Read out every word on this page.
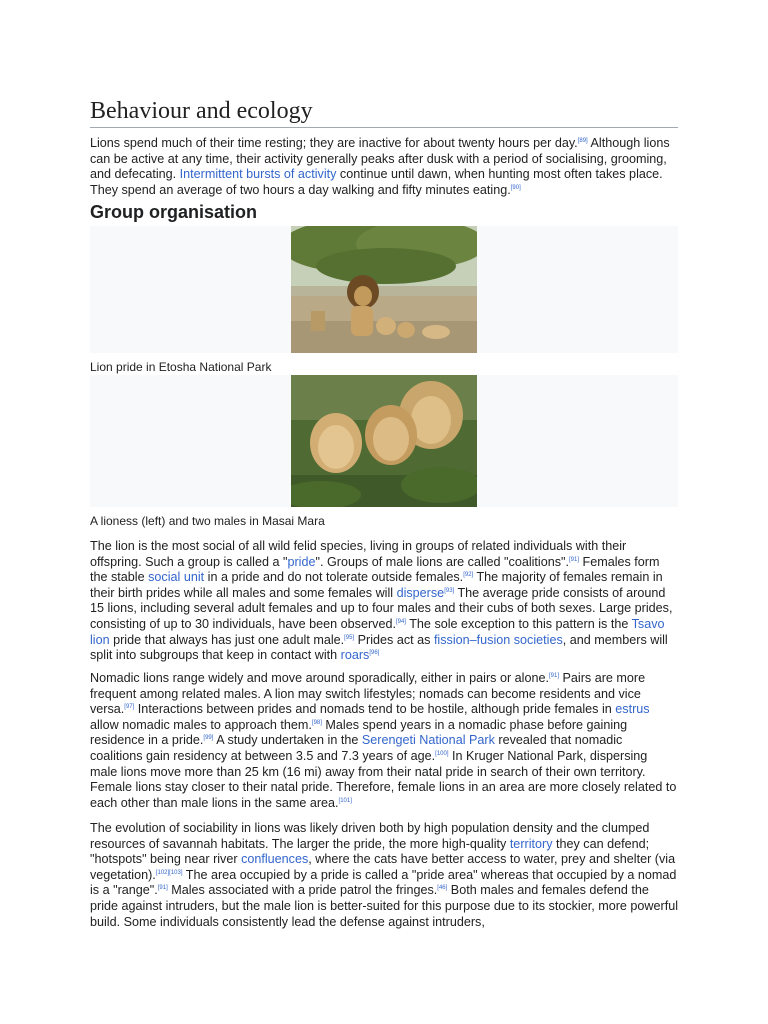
Behaviour and ecology

Lions spend much of their time resting; they are inactive for about twenty hours per day.[89] Although lions can be active at any time, their activity generally peaks after dusk with a period of socialising, grooming, and defecating. Intermittent bursts of activity continue until dawn, when hunting most often takes place. They spend an average of two hours a day walking and fifty minutes eating.[90]

Group organisation
Lion pride in Etosha National Park
A lioness (left) and two males in Masai Mara

The lion is the most social of all wild felid species, living in groups of related individuals with their offspring. Such a group is called a "pride". Groups of male lions are called "coalitions".[91] Females form the stable social unit in a pride and do not tolerate outside females.[92] The majority of females remain in their birth prides while all males and some females will disperse[93] The average pride consists of around 15 lions, including several adult females and up to four males and their cubs of both sexes. Large prides, consisting of up to 30 individuals, have been observed.[94] The sole exception to this pattern is the Tsavo lion pride that always has just one adult male.[95] Prides act as fission–fusion societies, and members will split into subgroups that keep in contact with roars[96]

Nomadic lions range widely and move around sporadically, either in pairs or alone.[91] Pairs are more frequent among related males. A lion may switch lifestyles; nomads can become residents and vice versa.[97] Interactions between prides and nomads tend to be hostile, although pride females in estrus allow nomadic males to approach them.[98] Males spend years in a nomadic phase before gaining residence in a pride.[99] A study undertaken in the Serengeti National Park revealed that nomadic coalitions gain residency at between 3.5 and 7.3 years of age.[100] In Kruger National Park, dispersing male lions move more than 25 km (16 mi) away from their natal pride in search of their own territory. Female lions stay closer to their natal pride. Therefore, female lions in an area are more closely related to each other than male lions in the same area.[101]

The evolution of sociability in lions was likely driven both by high population density and the clumped resources of savannah habitats. The larger the pride, the more high-quality territory they can defend; "hotspots" being near river confluences, where the cats have better access to water, prey and shelter (via vegetation).[102][103] The area occupied by a pride is called a "pride area" whereas that occupied by a nomad is a "range".[91] Males associated with a pride patrol the fringes.[46] Both males and females defend the pride against intruders, but the male lion is better-suited for this purpose due to its stockier, more powerful build. Some individuals consistently lead the defense against intruders,
